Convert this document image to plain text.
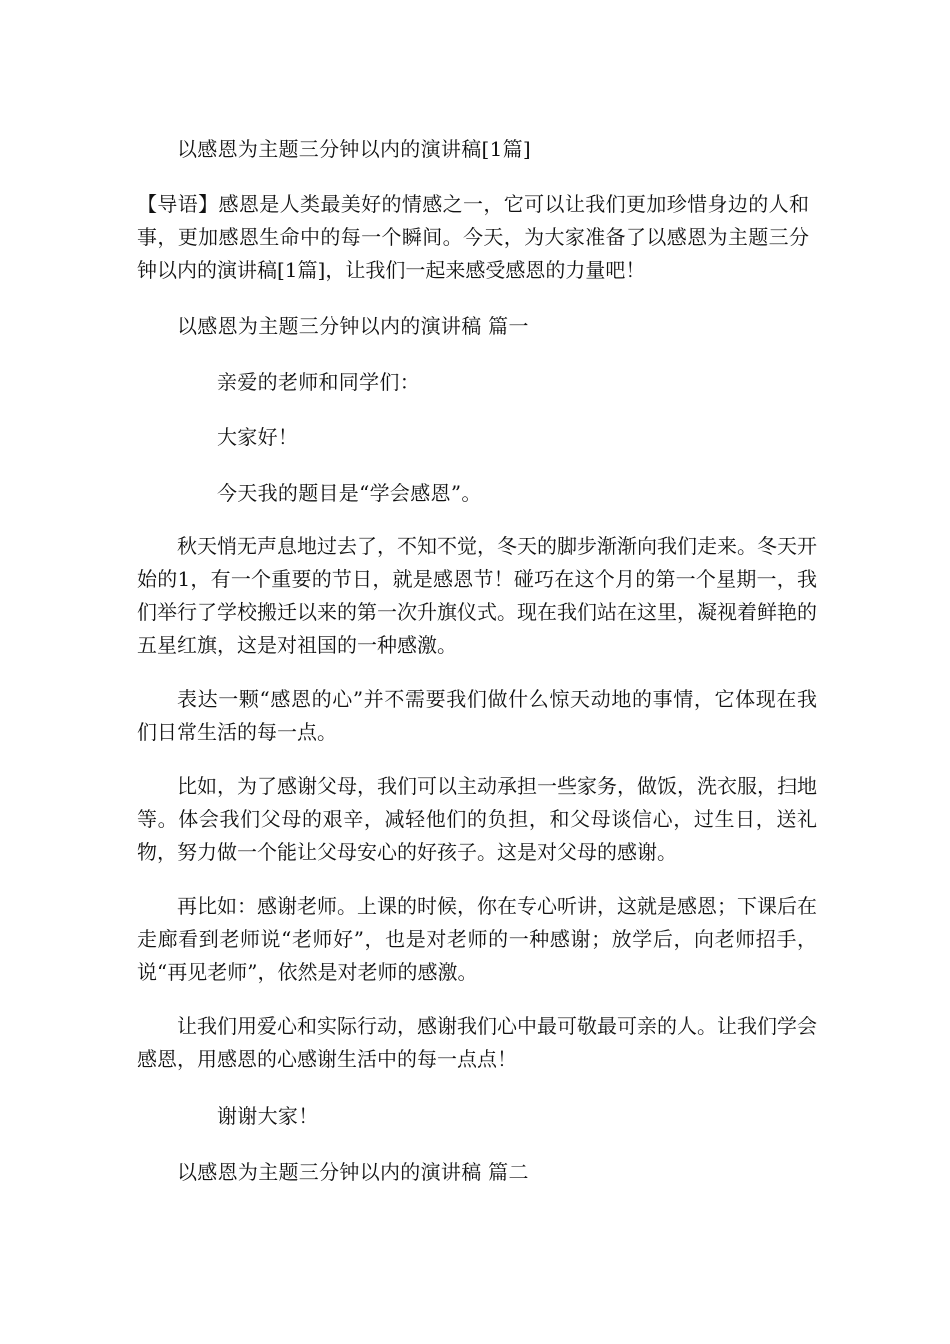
以感恩为主题三分钟以内的演讲稿[1篇]
【导语】感恩是人类最美好的情感之一，它可以让我们更加珍惜身边的人和事，更加感恩生命中的每一个瞬间。今天，为大家准备了以感恩为主题三分钟以内的演讲稿[1篇]，让我们一起来感受感恩的力量吧！
以感恩为主题三分钟以内的演讲稿 篇一
亲爱的老师和同学们：
大家好！
今天我的题目是“学会感恩”。
秋天悄无声息地过去了，不知不觉，冬天的脚步渐渐向我们走来。冬天开始的1，有一个重要的节日，就是感恩节！碰巧在这个月的第一个星期一，我们举行了学校搬迁以来的第一次升旗仪式。现在我们站在这里，凝视着鲜艳的五星红旗，这是对祖国的一种感激。
表达一颗“感恩的心”并不需要我们做什么惊天动地的事情，它体现在我们日常生活的每一点。
比如，为了感谢父母，我们可以主动承担一些家务，做饭，洗衣服，扫地等。体会我们父母的艰辛，减轻他们的负担，和父母谈信心，过生日，送礼物，努力做一个能让父母安心的好孩子。这是对父母的感谢。
再比如：感谢老师。上课的时候，你在专心听讲，这就是感恩；下课后在走廊看到老师说“老师好”，也是对老师的一种感谢；放学后，向老师招手，说“再见老师”，依然是对老师的感激。
让我们用爱心和实际行动，感谢我们心中最可敬最可亲的人。让我们学会感恩，用感恩的心感谢生活中的每一点点！
谢谢大家！
以感恩为主题三分钟以内的演讲稿 篇二
